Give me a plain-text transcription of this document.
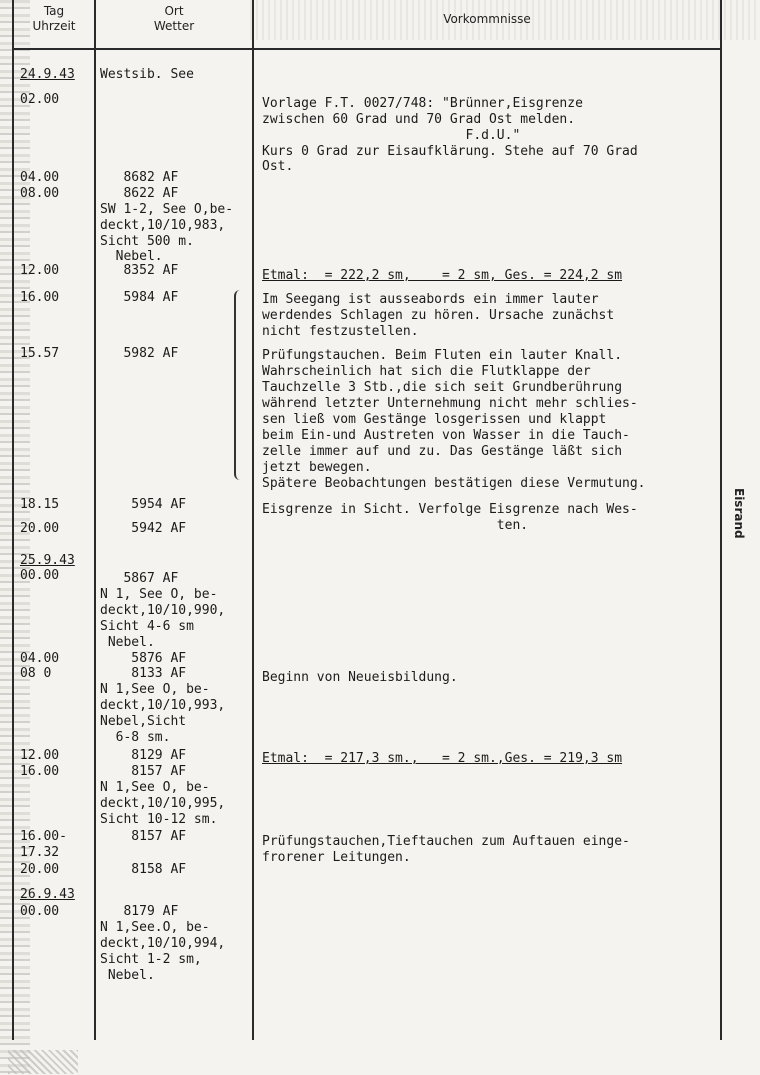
Tag
Uhrzeit
Ort
Wetter	Vorkommnisse
24.9.43
02.00
04.00
08.00
12.00
16.00
15.57
18.15
20.00
25.9.43
00.00
04.00
08 0
12.00
16.00
16.00-
17.32
20.00
26.9.43
00.00
Westsib. See
8682 AF
8622 AF
SW 1-2, See O,be-
deckt,10/10,983,
Sicht 500 m.
Nebel.
8352 AF
5984 AF
5982 AF
5954 AF
5942 AF
5867 AF
N 1, See O, be-
deckt,10/10,990,
Sicht 4-6 sm
Nebel.
5876 AF
8133 AF
N 1,See O, be-
deckt,10/10,993,
Nebel,Sicht
6-8 sm.
8129 AF
8157 AF
N 1,See O, be-
deckt,10/10,995,
Sicht 10-12 sm.
8157 AF
8158 AF
8179 AF
N 1,See.O, be-
deckt,10/10,994,
Sicht 1-2 sm,
Nebel.
Vorlage F.T. 0027/748: "Brünner,Eisgrenze
zwischen 60 Grad und 70 Grad Ost melden.
F.d.U."
Kurs 0 Grad zur Eisaufklärung. Stehe auf 70 Grad
Ost.
Etmal:  = 222,2 sm,    = 2 sm, Ges. = 224,2 sm
Im Seegang ist ausseabords ein immer lauter
werdendes Schlagen zu hören. Ursache zunächst
nicht festzustellen.
Prüfungstauchen. Beim Fluten ein lauter Knall.
Wahrscheinlich hat sich die Flutklappe der
Tauchzelle 3 Stb.,die sich seit Grundberührung
während letzter Unternehmung nicht mehr schlies-
sen ließ vom Gestänge losgerissen und klappt
beim Ein-und Austreten von Wasser in die Tauch-
zelle immer auf und zu. Das Gestänge läßt sich
jetzt bewegen.
Spätere Beobachtungen bestätigen diese Vermutung.
Eisgrenze in Sicht. Verfolge Eisgrenze nach Wes-
ten.
Beginn von Neueisbildung.
Etmal:  = 217,3 sm.,   = 2 sm.,Ges. = 219,3 sm
Prüfungstauchen,Tieftauchen zum Auftauen einge-
frorener Leitungen.
Eisrand
